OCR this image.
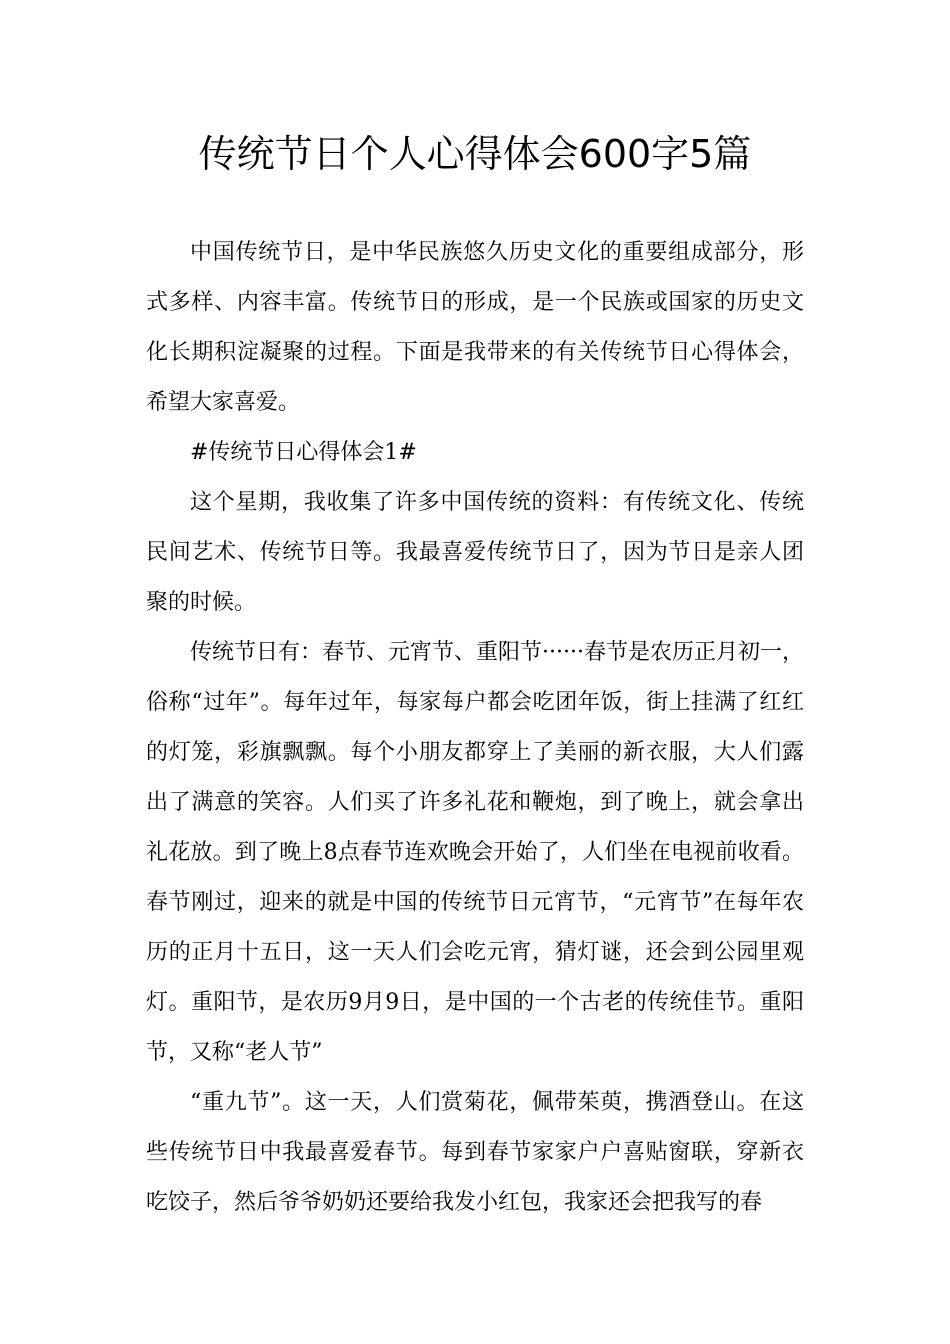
传统节日个人心得体会600字5篇

中国传统节日，是中华民族悠久历史文化的重要组成部分，形式多样、内容丰富。传统节日的形成，是一个民族或国家的历史文化长期积淀凝聚的过程。下面是我带来的有关传统节日心得体会，希望大家喜爱。

#传统节日心得体会1#

这个星期，我收集了许多中国传统的资料：有传统文化、传统民间艺术、传统节日等。我最喜爱传统节日了，因为节日是亲人团聚的时候。

传统节日有：春节、元宵节、重阳节······春节是农历正月初一，俗称“过年”。每年过年，每家每户都会吃团年饭，街上挂满了红红的灯笼，彩旗飘飘。每个小朋友都穿上了美丽的新衣服，大人们露出了满意的笑容。人们买了许多礼花和鞭炮，到了晚上，就会拿出礼花放。到了晚上8点春节连欢晚会开始了，人们坐在电视前收看。春节刚过，迎来的就是中国的传统节日元宵节，“元宵节”在每年农历的正月十五日，这一天人们会吃元宵，猜灯谜，还会到公园里观灯。重阳节，是农历9月9日，是中国的一个古老的传统佳节。重阳节，又称“老人节”

“重九节”。这一天，人们赏菊花，佩带茱萸，携酒登山。在这些传统节日中我最喜爱春节。每到春节家家户户喜贴窗联，穿新衣吃饺子，然后爷爷奶奶还要给我发小红包，我家还会把我写的春
